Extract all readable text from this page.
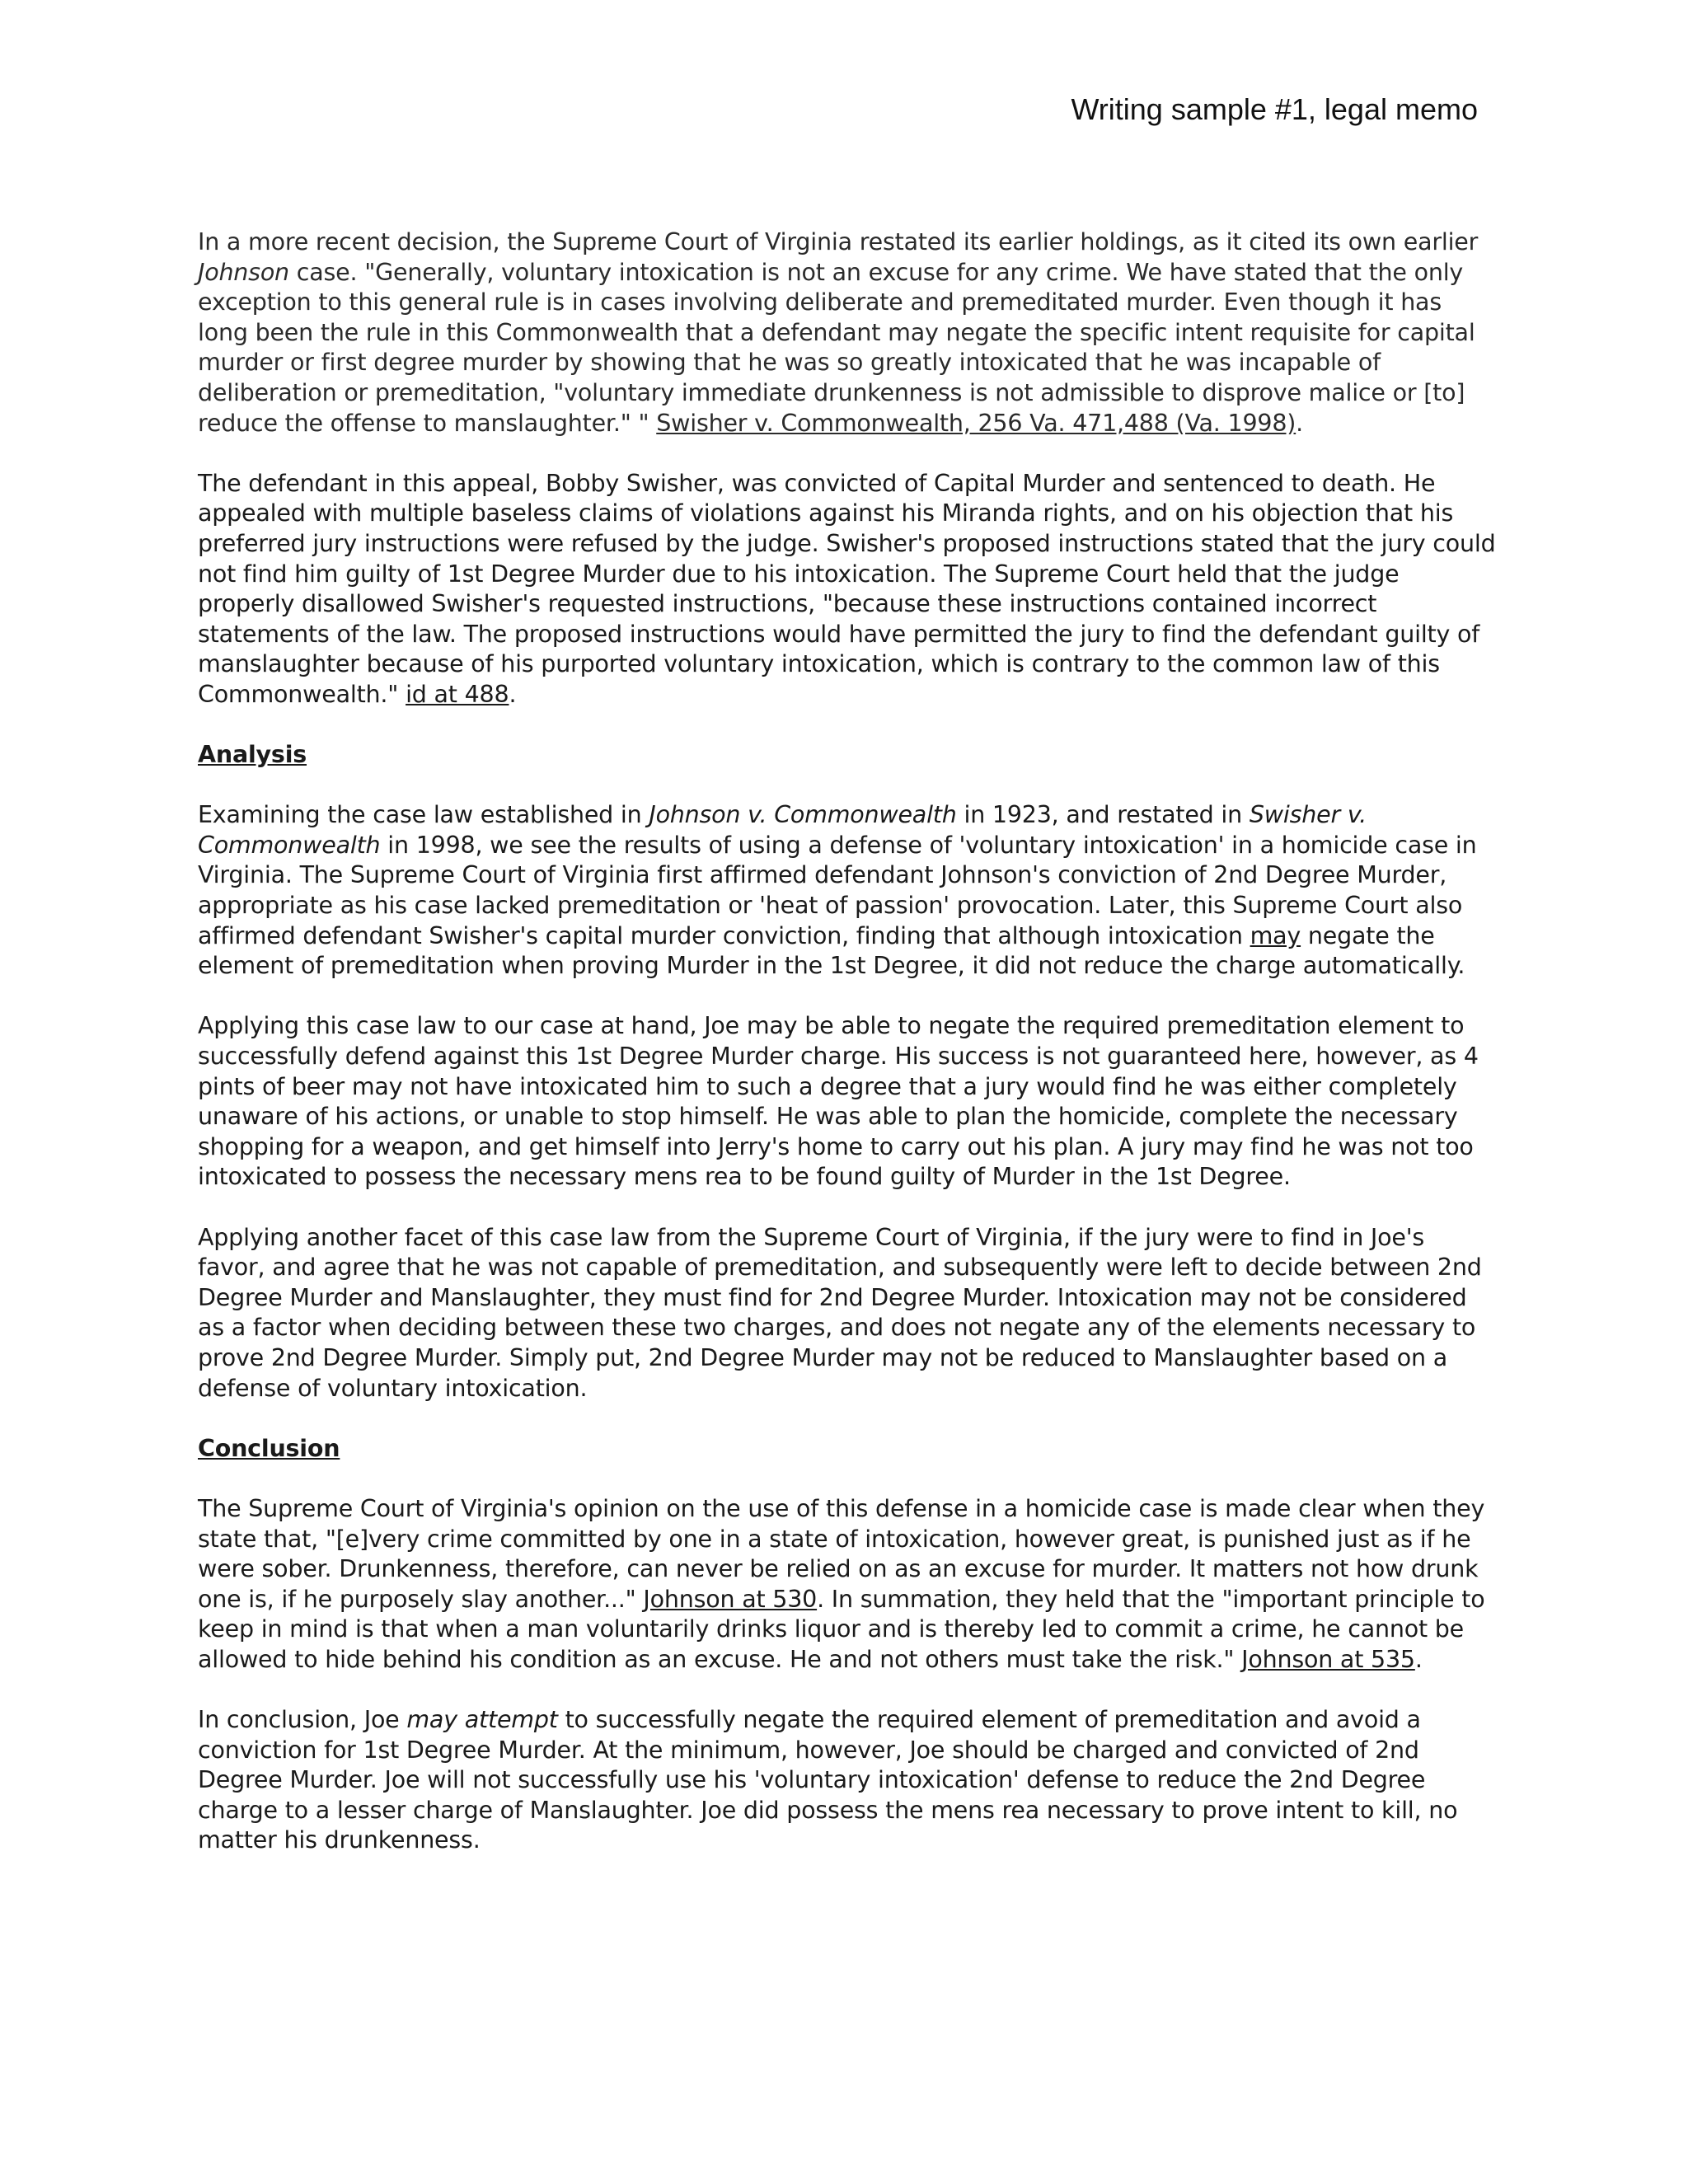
Writing sample #1, legal memo

In a more recent decision, the Supreme Court of Virginia restated its earlier holdings, as it cited its own earlier Johnson case. "Generally, voluntary intoxication is not an excuse for any crime. We have stated that the only exception to this general rule is in cases involving deliberate and premeditated murder. Even though it has long been the rule in this Commonwealth that a defendant may negate the specific intent requisite for capital murder or first degree murder by showing that he was so greatly intoxicated that he was incapable of deliberation or premeditation, "voluntary immediate drunkenness is not admissible to disprove malice or [to] reduce the offense to manslaughter." " Swisher v. Commonwealth, 256 Va. 471,488 (Va. 1998).

The defendant in this appeal, Bobby Swisher, was convicted of Capital Murder and sentenced to death. He appealed with multiple baseless claims of violations against his Miranda rights, and on his objection that his preferred jury instructions were refused by the judge. Swisher's proposed instructions stated that the jury could not find him guilty of 1st Degree Murder due to his intoxication. The Supreme Court held that the judge properly disallowed Swisher's requested instructions, "because these instructions contained incorrect statements of the law. The proposed instructions would have permitted the jury to find the defendant guilty of manslaughter because of his purported voluntary intoxication, which is contrary to the common law of this Commonwealth." id at 488.

Analysis

Examining the case law established in Johnson v. Commonwealth in 1923, and restated in Swisher v. Commonwealth in 1998, we see the results of using a defense of 'voluntary intoxication' in a homicide case in Virginia. The Supreme Court of Virginia first affirmed defendant Johnson's conviction of 2nd Degree Murder, appropriate as his case lacked premeditation or 'heat of passion' provocation. Later, this Supreme Court also affirmed defendant Swisher's capital murder conviction, finding that although intoxication may negate the element of premeditation when proving Murder in the 1st Degree, it did not reduce the charge automatically.

Applying this case law to our case at hand, Joe may be able to negate the required premeditation element to successfully defend against this 1st Degree Murder charge. His success is not guaranteed here, however, as 4 pints of beer may not have intoxicated him to such a degree that a jury would find he was either completely unaware of his actions, or unable to stop himself. He was able to plan the homicide, complete the necessary shopping for a weapon, and get himself into Jerry's home to carry out his plan. A jury may find he was not too intoxicated to possess the necessary mens rea to be found guilty of Murder in the 1st Degree.

Applying another facet of this case law from the Supreme Court of Virginia, if the jury were to find in Joe's favor, and agree that he was not capable of premeditation, and subsequently were left to decide between 2nd Degree Murder and Manslaughter, they must find for 2nd Degree Murder. Intoxication may not be considered as a factor when deciding between these two charges, and does not negate any of the elements necessary to prove 2nd Degree Murder. Simply put, 2nd Degree Murder may not be reduced to Manslaughter based on a defense of voluntary intoxication.

Conclusion

The Supreme Court of Virginia's opinion on the use of this defense in a homicide case is made clear when they state that, "[e]very crime committed by one in a state of intoxication, however great, is punished just as if he were sober. Drunkenness, therefore, can never be relied on as an excuse for murder. It matters not how drunk one is, if he purposely slay another..." Johnson at 530. In summation, they held that the "important principle to keep in mind is that when a man voluntarily drinks liquor and is thereby led to commit a crime, he cannot be allowed to hide behind his condition as an excuse. He and not others must take the risk." Johnson at 535.

In conclusion, Joe may attempt to successfully negate the required element of premeditation and avoid a conviction for 1st Degree Murder. At the minimum, however, Joe should be charged and convicted of 2nd Degree Murder. Joe will not successfully use his 'voluntary intoxication' defense to reduce the 2nd Degree charge to a lesser charge of Manslaughter. Joe did possess the mens rea necessary to prove intent to kill, no matter his drunkenness.
